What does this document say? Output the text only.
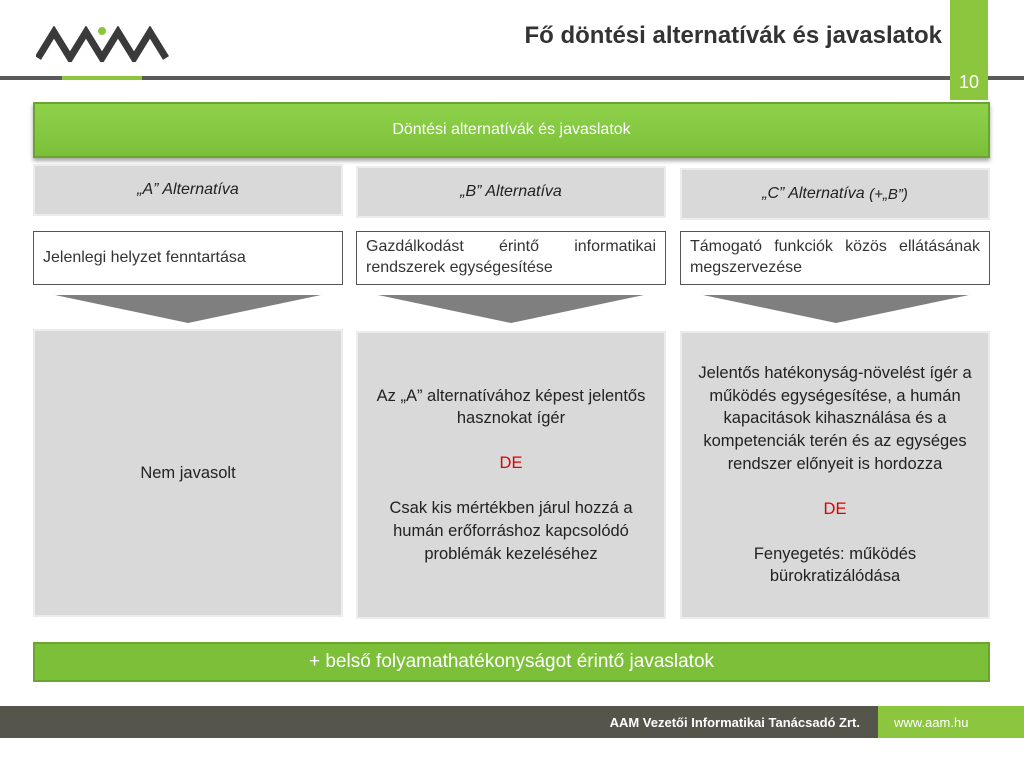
Fő döntési alternatívák és javaslatok
10
Döntési alternatívák és javaslatok
„A” Alternatíva
Jelenlegi helyzet fenntartása
Nem javasolt
„B” Alternatíva
Gazdálkodást érintő informatikai rendszerek egységesítése
Az „A” alternatívához képest jelentős hasznokat ígér
DE
Csak kis mértékben járul hozzá a humán erőforráshoz kapcsolódó problémák kezeléséhez
„C” Alternatíva
(+„B”)
Támogató funkciók közös ellátásának megszervezése
Jelentős hatékonyság-növelést ígér a működés egységesítése, a humán kapacitások kihasználása és a kompetenciák terén és az egységes rendszer előnyeit is hordozza
DE
Fenyegetés: működés bürokratizálódása
+ belső folyamathatékonyságot érintő javaslatok
AAM Vezetői Informatikai Tanácsadó Zrt.	www.aam.hu
